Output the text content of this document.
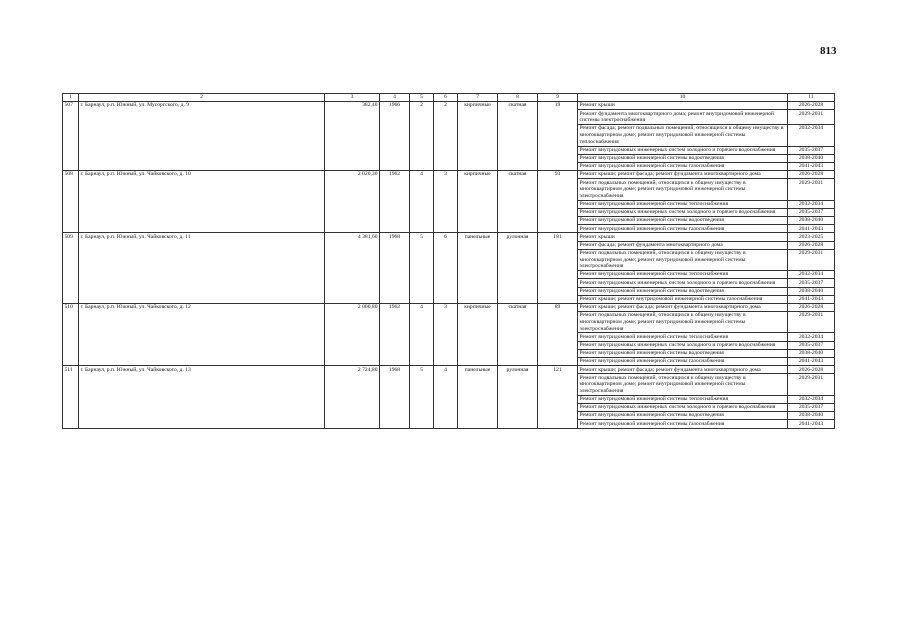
813
1	2	3	4	5	6	7	8	9	10	11
507	г. Барнаул, р.п. Южный, ул. Мусоргского, д. 9	382,40	1966	2	2	кирпичные	скатная	19	Ремонт крыши	2026-2028
									Ремонт фундамента многоквартирного дома; ремонт внутридомовой инженерной системы электроснабжения	2029-2031
									Ремонт фасада; ремонт подвальных помещений, относящихся к общему имуществу в многоквартирном доме; ремонт внутридомовой инженерной системы теплоснабжения	2032-2034
									Ремонт внутридомовых инженерных систем холодного и горячего водоснабжения	2035-2037
									Ремонт внутридомовой инженерной системы водоотведения	2038-2040
									Ремонт внутридомовой инженерной системы газоснабжения	2041-2043
508	г. Барнаул, р.п. Южный, ул. Чайковского, д. 10	2 020,30	1962	4	3	кирпичные	скатная	93	Ремонт крыши; ремонт фасада; ремонт фундамента многоквартирного дома	2026-2028
									Ремонт подвальных помещений, относящихся к общему имуществу в многоквартирном доме; ремонт внутридомовой инженерной системы электроснабжения	2029-2031
									Ремонт внутридомовой инженерной системы теплоснабжения	2032-2034
									Ремонт внутридомовых инженерных систем холодного и горячего водоснабжения	2035-2037
									Ремонт внутридомовой инженерной системы водоотведения	2038-2040
									Ремонт внутридомовой инженерной системы газоснабжения	2041-2043
509	г. Барнаул, р.п. Южный, ул. Чайковского, д. 11	4 381,60	1968	5	6	панельные	рулонная	181	Ремонт крыши	2023-2025
									Ремонт фасада; ремонт фундамента многоквартирного дома	2026-2028
									Ремонт подвальных помещений, относящихся к общему имуществу в многоквартирном доме; ремонт внутридомовой инженерной системы электроснабжения	2029-2031
									Ремонт внутридомовой инженерной системы теплоснабжения	2032-2034
									Ремонт внутридомовых инженерных систем холодного и горячего водоснабжения	2035-2037
									Ремонт внутридомовой инженерной системы водоотведения	2038-2040
									Ремонт крыши; ремонт внутридомовой инженерной системы газоснабжения	2041-2043
510	г. Барнаул, р.п. Южный, ул. Чайковского, д. 12	2 000,80	1962	4	3	кирпичные	скатная	89	Ремонт крыши; ремонт фасада; ремонт фундамента многоквартирного дома	2026-2028
									Ремонт подвальных помещений, относящихся к общему имуществу в многоквартирном доме; ремонт внутридомовой инженерной системы электроснабжения	2029-2031
									Ремонт внутридомовой инженерной системы теплоснабжения	2032-2034
									Ремонт внутридомовых инженерных систем холодного и горячего водоснабжения	2035-2037
									Ремонт внутридомовой инженерной системы водоотведения	2038-2040
									Ремонт внутридомовой инженерной системы газоснабжения	2041-2043
511	г. Барнаул, р.п. Южный, ул. Чайковского, д. 13	2 724,80	1968	5	4	панельные	рулонная	121	Ремонт крыши; ремонт фасада; ремонт фундамента многоквартирного дома	2026-2028
									Ремонт подвальных помещений, относящихся к общему имуществу в многоквартирном доме; ремонт внутридомовой инженерной системы электроснабжения	2029-2031
									Ремонт внутридомовой инженерной системы теплоснабжения	2032-2034
									Ремонт внутридомовых инженерных систем холодного и горячего водоснабжения	2035-2037
									Ремонт внутридомовой инженерной системы водоотведения	2038-2040
									Ремонт внутридомовой инженерной системы газоснабжения	2041-2043
